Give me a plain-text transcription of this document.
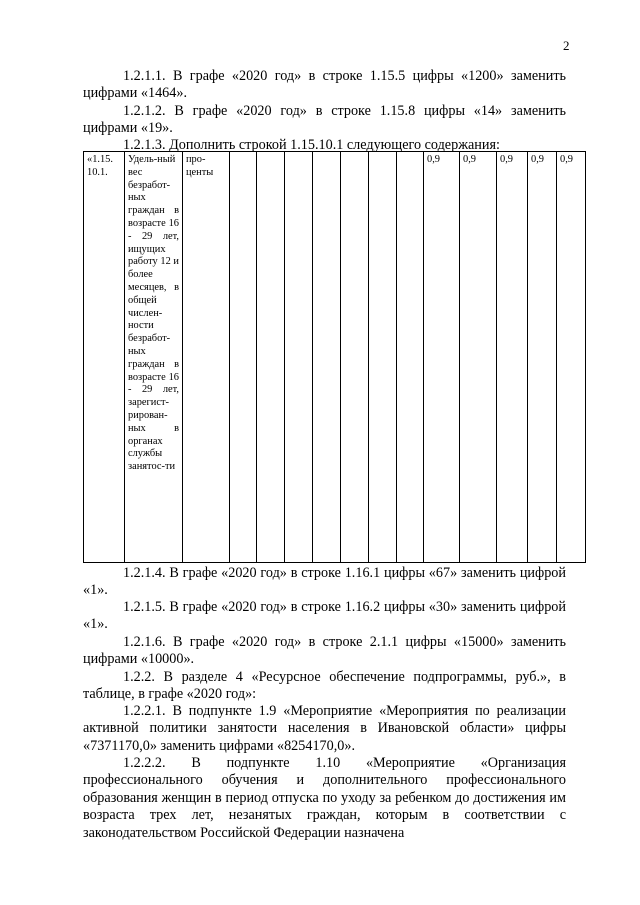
2
1.2.1.1. В графе «2020 год» в строке 1.15.5 цифры «1200» заменить цифрами «1464».
1.2.1.2. В графе «2020 год» в строке 1.15.8 цифры «14» заменить цифрами «19».
1.2.1.3. Дополнить строкой 1.15.10.1 следующего содержания:
«1.15. 10.1.	Удель-ный вес безработ-ных граждан в возрасте 16 - 29 лет, ищущих работу 12 и более месяцев, в общей числен-ности безработ-ных граждан в возрасте 16 - 29 лет, зарегист-рирован-ных в органах службы занятос-ти	про-центы								0,9	0,9	0,9	0,9	0,9
1.2.1.4. В графе «2020 год» в строке 1.16.1 цифры «67» заменить цифрой «1».
1.2.1.5. В графе «2020 год» в строке 1.16.2 цифры «30» заменить цифрой «1».
1.2.1.6. В графе «2020 год» в строке 2.1.1 цифры «15000» заменить цифрами «10000».
1.2.2. В разделе 4 «Ресурсное обеспечение подпрограммы, руб.», в таблице, в графе «2020 год»:
1.2.2.1. В подпункте 1.9 «Мероприятие «Мероприятия по реализации активной политики занятости населения в Ивановской области» цифры «7371170,0» заменить цифрами «8254170,0».
1.2.2.2. В подпункте 1.10 «Мероприятие «Организация профессионального обучения и дополнительного профессионального образования женщин в период отпуска по уходу за ребенком до достижения им возраста трех лет, незанятых граждан, которым в соответствии с законодательством Российской Федерации назначена
